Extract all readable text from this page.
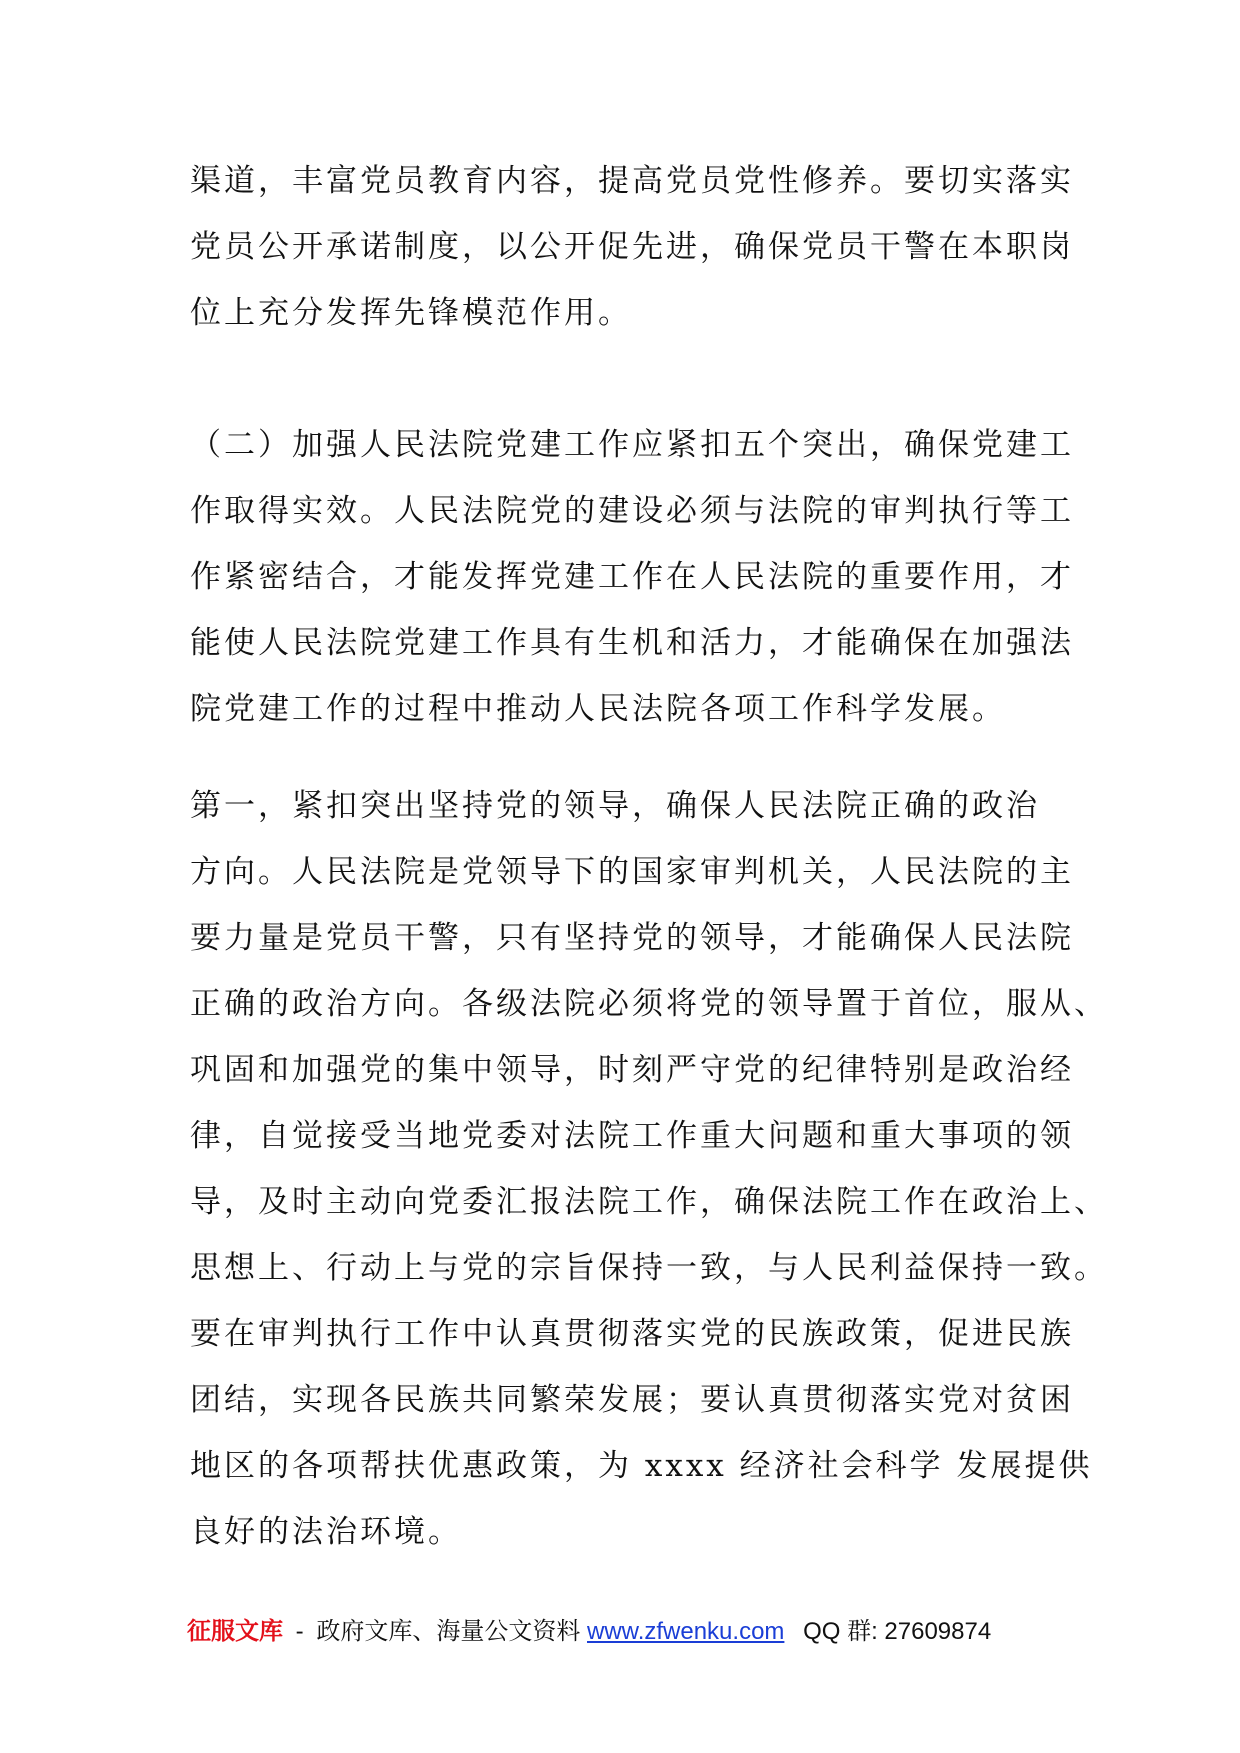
渠道，丰富党员教育内容，提高党员党性修养。要切实落实
党员公开承诺制度，以公开促先进，确保党员干警在本职岗
位上充分发挥先锋模范作用。
（二）加强人民法院党建工作应紧扣五个突出，确保党建工
作取得实效。人民法院党的建设必须与法院的审判执行等工
作紧密结合，才能发挥党建工作在人民法院的重要作用，才
能使人民法院党建工作具有生机和活力，才能确保在加强法
院党建工作的过程中推动人民法院各项工作科学发展。
第一，紧扣突出坚持党的领导，确保人民法院正确的政治
方向。人民法院是党领导下的国家审判机关，人民法院的主
要力量是党员干警，只有坚持党的领导，才能确保人民法院
正确的政治方向。各级法院必须将党的领导置于首位，服从、
巩固和加强党的集中领导，时刻严守党的纪律特别是政治经
律，自觉接受当地党委对法院工作重大问题和重大事项的领
导，及时主动向党委汇报法院工作，确保法院工作在政治上、
思想上、行动上与党的宗旨保持一致，与人民利益保持一致。
要在审判执行工作中认真贯彻落实党的民族政策，促进民族
团结，实现各民族共同繁荣发展；要认真贯彻落实党对贫困
地区的各项帮扶优惠政策，为 xxxx 经济社会科学 发展提供
良好的法治环境。
征服文库 - 政府文库、海量公文资料 www.zfwenku.com QQ 群: 27609874
